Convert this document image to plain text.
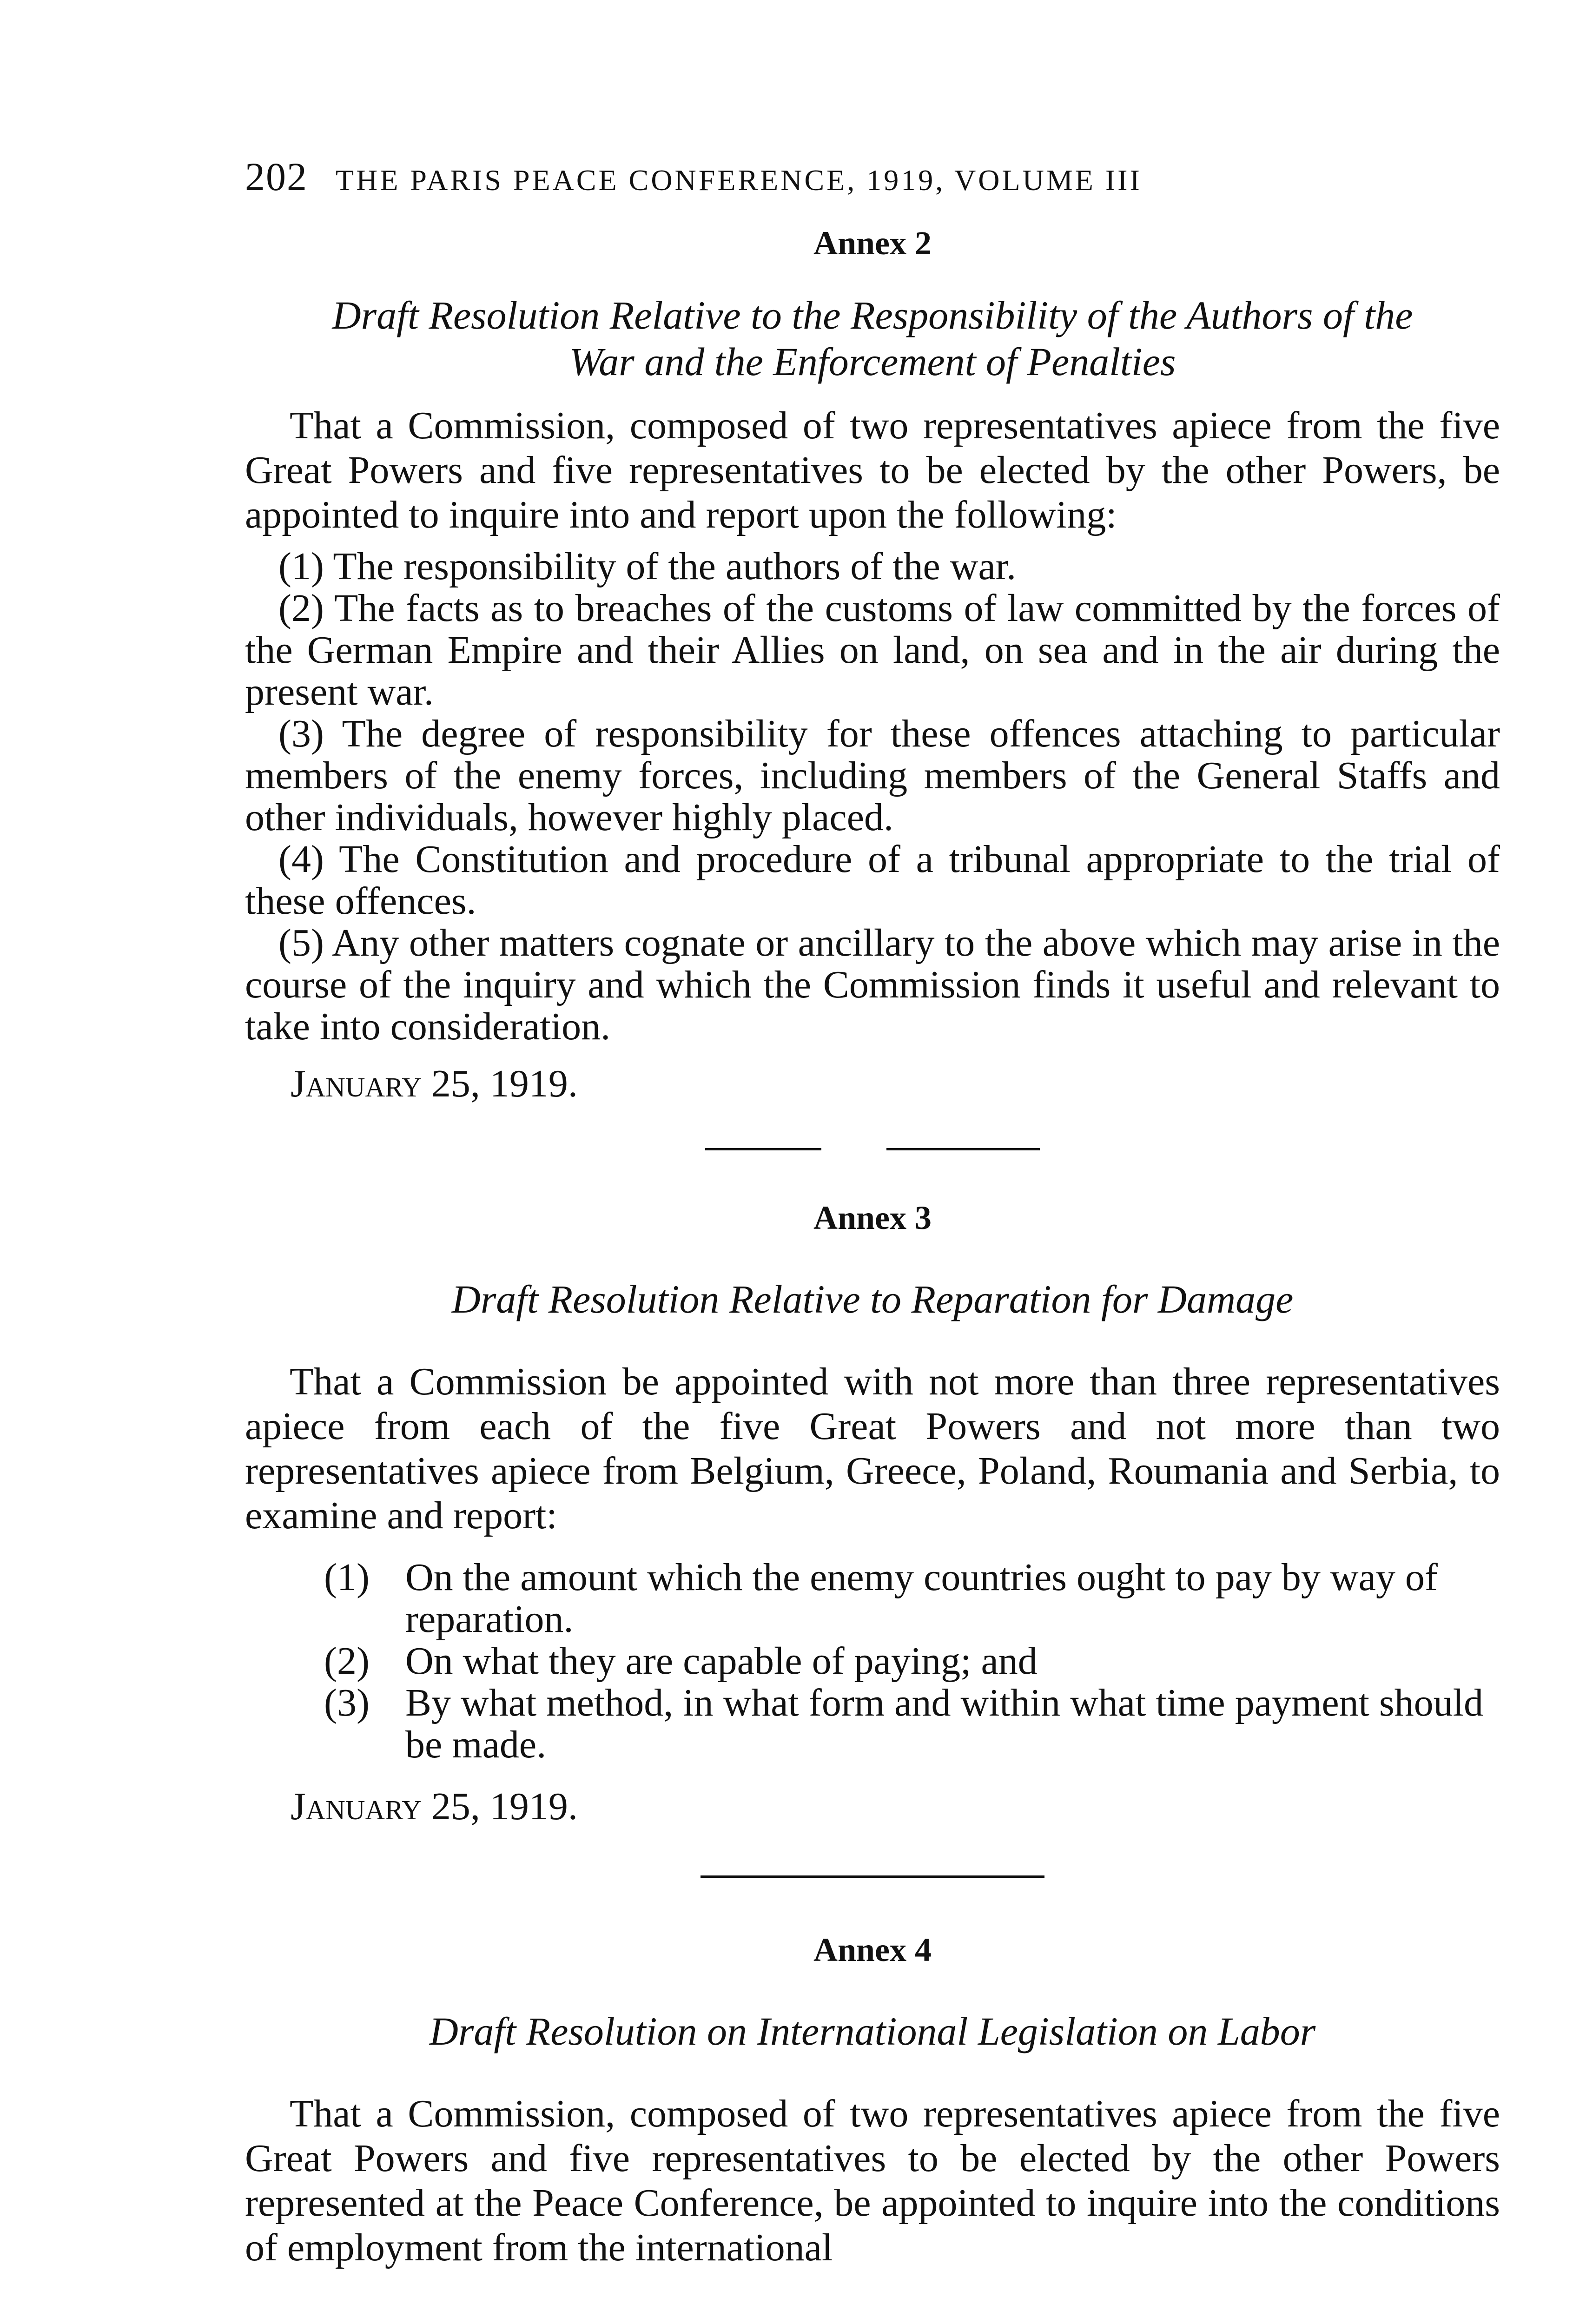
202 THE PARIS PEACE CONFERENCE, 1919, VOLUME III

Annex 2

Draft Resolution Relative to the Responsibility of the Authors of the

War and the Enforcement of Penalties

That a Commission, composed of two representatives apiece from the five Great Powers and five representatives to be elected by the other Powers, be appointed to inquire into and report upon the following:

(1) The responsibility of the authors of the war.

(2) The facts as to breaches of the customs of law committed by the forces of the German Empire and their Allies on land, on sea and in the air during the present war.

(3) The degree of responsibility for these offences attaching to particular members of the enemy forces, including members of the General Staffs and other individuals, however highly placed.

(4) The Constitution and procedure of a tribunal appropriate to the trial of these offences.

(5) Any other matters cognate or ancillary to the above which may arise in the course of the inquiry and which the Commission finds it useful and relevant to take into consideration.

January 25, 1919.

Annex 3

Draft Resolution Relative to Reparation for Damage

That a Commission be appointed with not more than three representatives apiece from each of the five Great Powers and not more than two representatives apiece from Belgium, Greece, Poland, Roumania and Serbia, to examine and report:

(1) On the amount which the enemy countries ought to pay by way of reparation.
(2) On what they are capable of paying; and
(3) By what method, in what form and within what time payment should be made.

January 25, 1919.

Annex 4

Draft Resolution on International Legislation on Labor

That a Commission, composed of two representatives apiece from the five Great Powers and five representatives to be elected by the other Powers represented at the Peace Conference, be appointed to inquire into the conditions of employment from the international
